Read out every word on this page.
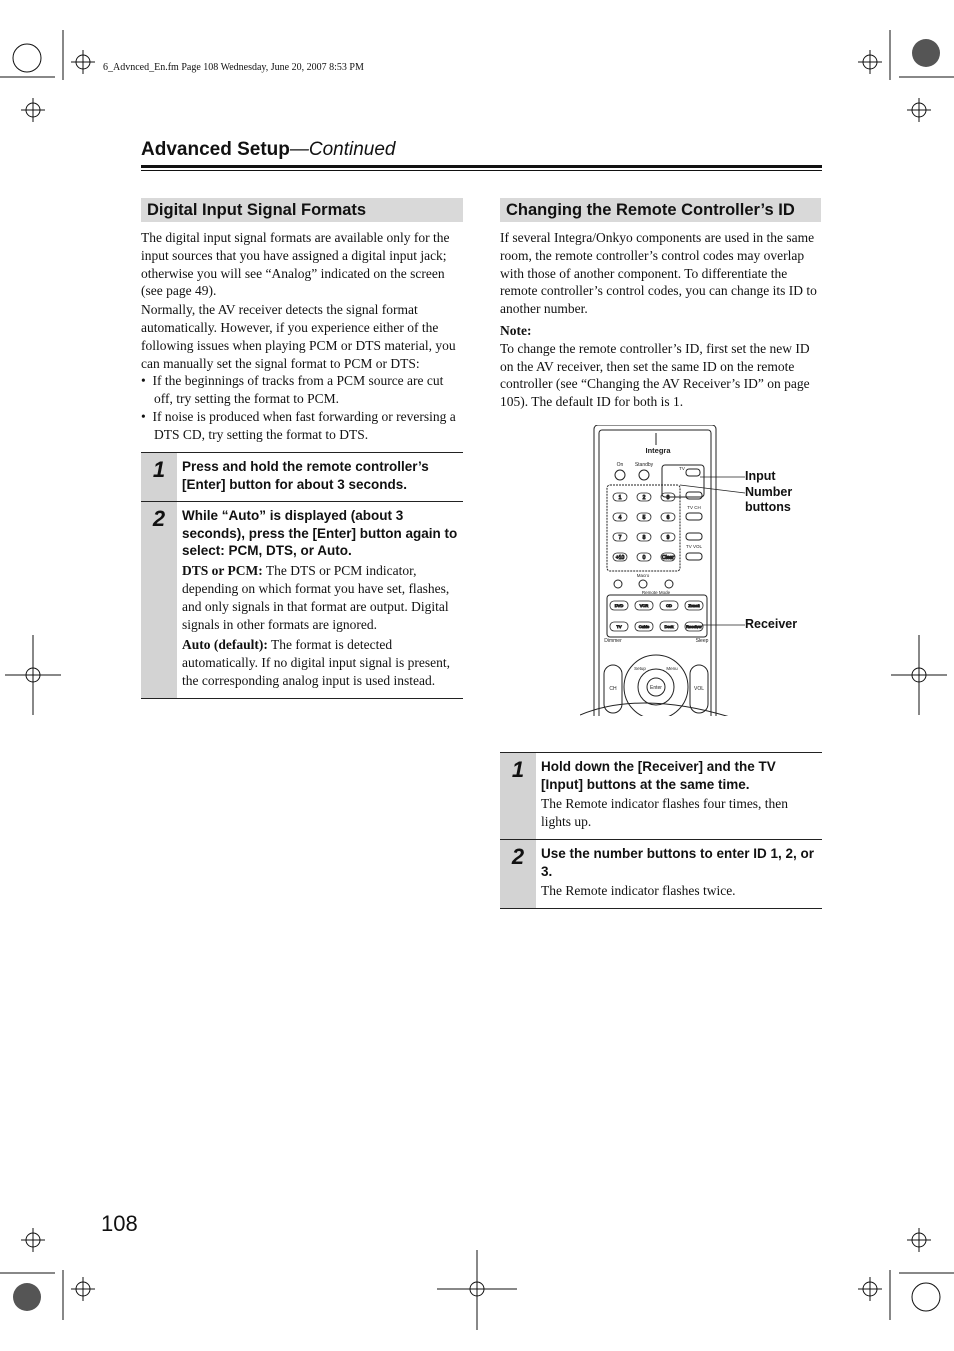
6_Advnced_En.fm Page 108 Wednesday, June 20, 2007 8:53 PM
Advanced Setup—Continued
Digital Input Signal Formats

The digital input signal formats are available only for the input sources that you have assigned a digital input jack; otherwise you will see “Analog” indicated on the screen (see page 49).

Normally, the AV receiver detects the signal format automatically. However, if you experience either of the following issues when playing PCM or DTS material, you can manually set the signal format to PCM or DTS:

•  If the beginnings of tracks from a PCM source are cut off, try setting the format to PCM.

•  If noise is produced when fast forwarding or reversing a DTS CD, try setting the format to DTS.

1	Press and hold the remote controller’s [Enter] button for about 3 seconds.
2	While “Auto” is displayed (about 3 seconds), press the [Enter] button again to select: PCM, DTS, or Auto.
DTS or PCM: The DTS or PCM indicator, depending on which format you have set, flashes, and only signals in that format are output. Digital signals in other formats are ignored.
Auto (default): The format is detected automatically. If no digital input signal is present, the corresponding analog input is used instead.
Changing the Remote Controller’s ID

If several Integra/Onkyo components are used in the same room, the remote controller’s control codes may overlap with those of another component. To differentiate the remote controller’s control codes, you can change its ID to another number.

Note:

To change the remote controller’s ID, first set the new ID on the AV receiver, then set the same ID on the remote controller (see “Changing the AV Receiver’s ID” on page 105). The default ID for both is 1.

1	2	3
4	5	6
7	8	9
+10	0	Clear
DVD	VCR	CD	Zone2
TV	Cable	Dock	Receiver
Integra
On Standby
TV
TV CH
TV VOL
Macro
Remote Mode
Dimmer	Sleep
Enter	VOL
CH
Setup	Menu
Input
Number
buttons
Receiver
1	Hold down the [Receiver] and the TV [Input] buttons at the same time.
The Remote indicator flashes four times, then lights up.
2	Use the number buttons to enter ID 1, 2, or 3.
The Remote indicator flashes twice.
108
